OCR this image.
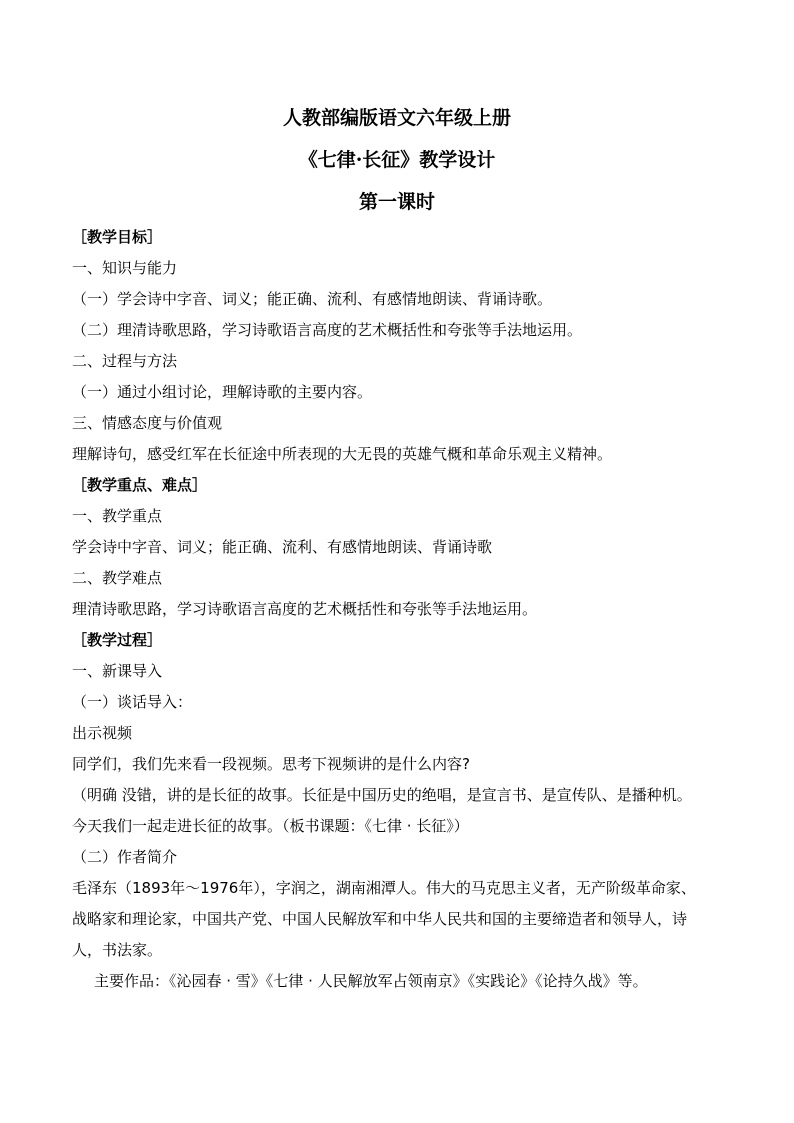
人教部编版语文六年级上册
《七律·长征》教学设计
第一课时

［教学目标］

一、知识与能力

（一）学会诗中字音、词义；能正确、流利、有感情地朗读、背诵诗歌。

（二）理清诗歌思路，学习诗歌语言高度的艺术概括性和夸张等手法地运用。

二、过程与方法

（一）通过小组讨论，理解诗歌的主要内容。

三、情感态度与价值观

理解诗句，感受红军在长征途中所表现的大无畏的英雄气概和革命乐观主义精神。

［教学重点、难点］

一、教学重点

学会诗中字音、词义；能正确、流利、有感情地朗读、背诵诗歌

二、教学难点

理清诗歌思路，学习诗歌语言高度的艺术概括性和夸张等手法地运用。

［教学过程］

一、新课导入

（一）谈话导入：

出示视频

同学们，我们先来看一段视频。思考下视频讲的是什么内容?

（明确 没错，讲的是长征的故事。长征是中国历史的绝唱，是宣言书、是宣传队、是播种机。

今天我们一起走进长征的故事。（板书课题：《七律 · 长征》）

（二）作者简介

毛泽东（1893年～1976年），字润之，湖南湘潭人。伟大的马克思主义者，无产阶级革命家、

战略家和理论家，中国共产党、中国人民解放军和中华人民共和国的主要缔造者和领导人，诗

人，书法家。

主要作品：《沁园春 · 雪》《七律 · 人民解放军占领南京》《实践论》《论持久战》等。
